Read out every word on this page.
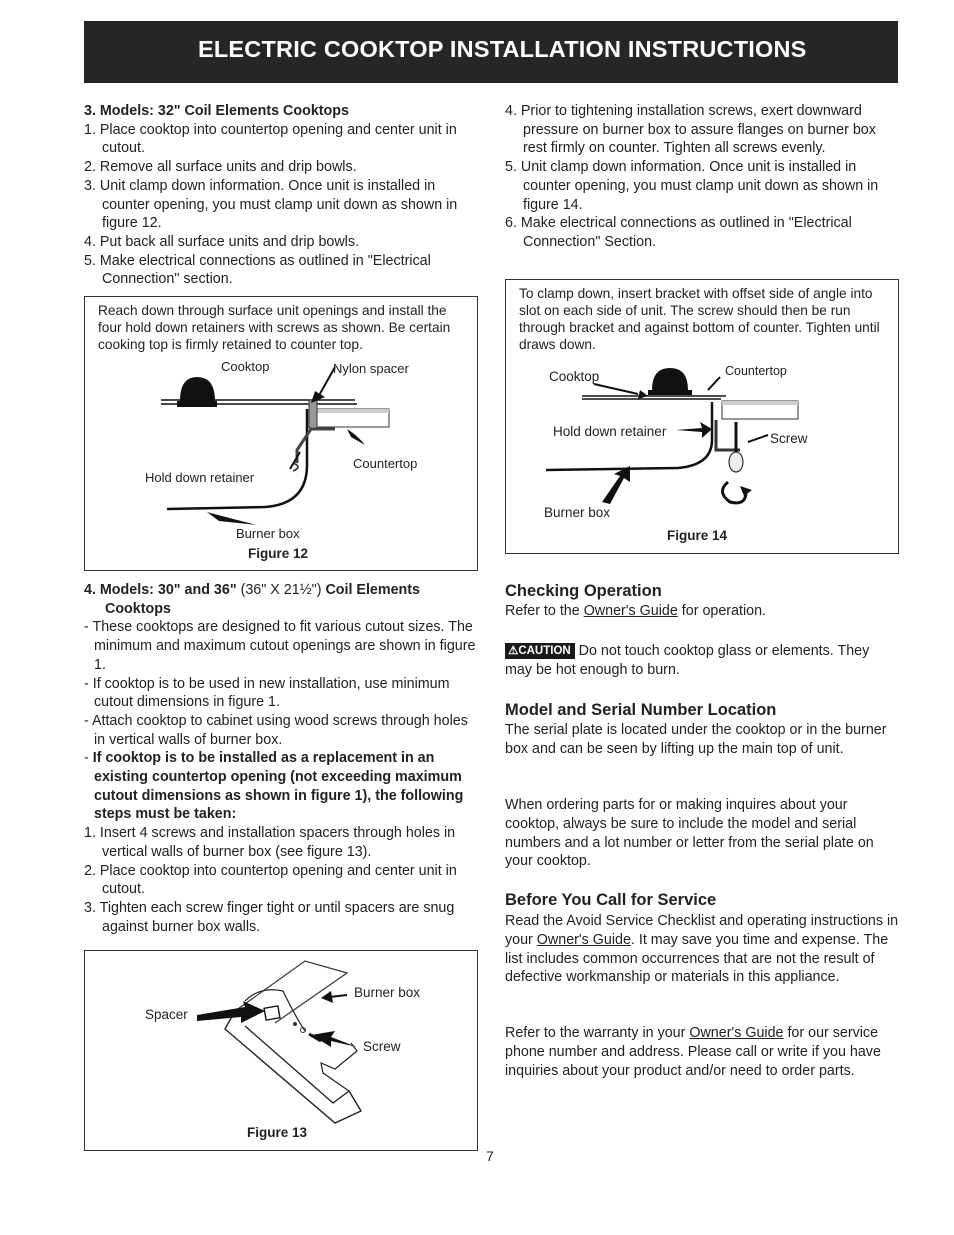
ELECTRIC COOKTOP INSTALLATION INSTRUCTIONS

3. Models: 32" Coil Elements Cooktops

1. Place cooktop into countertop opening and center unit in cutout.

2. Remove all surface units and drip bowls.

3. Unit clamp down information. Once unit is installed in counter opening, you must clamp unit down as shown in figure 12.

4. Put back all surface units and drip bowls.

5. Make electrical connections as outlined in "Electrical Connection" section.

Reach down through surface unit openings and install the four hold down retainers with screws as shown. Be certain cooking top is firmly retained to counter top.
Cooktop	Nylon spacer
Countertop
Hold down retainer
Burner box
Figure 12

4. Models: 30" and 36" (36" X 21½") Coil Elements
Cooktops

- These cooktops are designed to fit various cutout sizes. The minimum and maximum cutout openings are shown in figure 1.

- If cooktop is to be used in new installation, use minimum cutout dimensions in figure 1.

- Attach cooktop to cabinet using wood screws through holes in vertical walls of burner box.

- If cooktop is to be installed as a replacement in an existing countertop opening (not exceeding maximum cutout dimensions as shown in figure 1), the following steps must be taken:

1. Insert 4 screws and installation spacers through holes in vertical walls of burner box (see figure 13).

2. Place cooktop into countertop opening and center unit in cutout.

3. Tighten each screw finger tight or until spacers are snug against burner box walls.

Spacer
Burner box
Screw
Figure 13

4. Prior to tightening installation screws, exert downward pressure on burner box to assure flanges on burner box rest firmly on counter. Tighten all screws evenly.

5. Unit clamp down information. Once unit is installed in counter opening, you must clamp unit down as shown in figure 14.

6. Make electrical connections as outlined in "Electrical Connection" Section.

To clamp down, insert bracket with offset side of angle into slot on each side of unit. The screw should then be run through bracket and against bottom of counter. Tighten until draws down.
Cooktop	Countertop
Hold down retainer	Screw
Burner box
Figure 14
Checking Operation
Refer to the Owner's Guide for operation.
⚠CAUTION Do not touch cooktop glass or elements. They may be hot enough to burn.
Model and Serial Number Location
The serial plate is located under the cooktop or in the burner box and can be seen by lifting up the main top of unit.
When ordering parts for or making inquires about your cooktop, always be sure to include the model and serial numbers and a lot number or letter from the serial plate on your cooktop.
Before You Call for Service
Read the Avoid Service Checklist and operating instructions in your Owner's Guide. It may save you time and expense. The list includes common occurrences that are not the result of defective workmanship or materials in this appliance.
Refer to the warranty in your Owner's Guide for our service phone number and address. Please call or write if you have inquiries about your product and/or need to order parts.
7
